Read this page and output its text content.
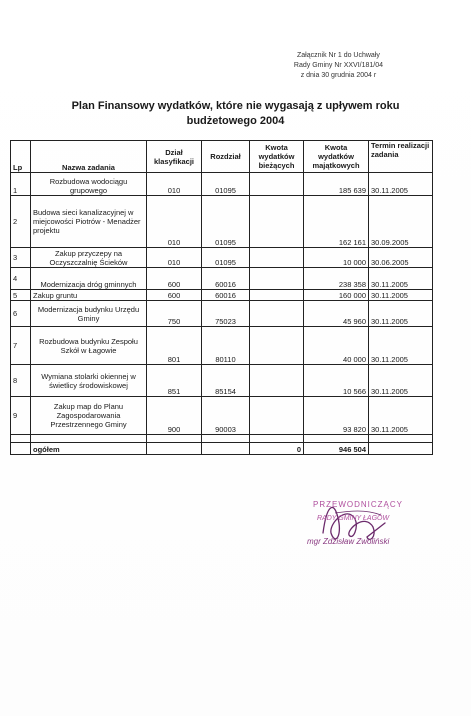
Załącznik Nr 1 do Uchwały
Rady Gminy Nr XXVI/181/04
z dnia 30 grudnia 2004 r
Plan Finansowy wydatków, które nie wygasają z upływem roku
budżetowego 2004
Lp	Nazwa zadania	Dział klasyfikacji	Rozdział	Kwota wydatków bieżących	Kwota wydatków majątkowych	Termin realizacji zadania
1	Rozbudowa wodociągu grupowego	010	01095		185 639	30.11.2005
2	Budowa sieci kanalizacyjnej w miejcowości Piotrów - Menadżer projektu	010	01095		162 161	30.09.2005
3	Zakup przyczepy na Oczyszczalnię Ścieków	010	01095		10 000	30.06.2005
4	Modernizacja dróg gminnych	600	60016		238 358	30.11.2005
5	Zakup gruntu	600	60016		160 000	30.11.2005
6	Modernizacja budynku Urzędu Gminy	750	75023		45 960	30.11.2005
7	Rozbudowa budynku Zespołu Szkół w Łagowie	801	80110		40 000	30.11.2005
8	Wymiana stolarki okiennej w świetlicy środowiskowej	851	85154		10 566	30.11.2005
9	Zakup map do Planu Zagospodarowania Przestrzennego Gminy	900	90003		93 820	30.11.2005

	ogółem			0	946 504	
PRZEWODNICZĄCY
RADY GMINY ŁAGÓW
mgr Zdzisław Zwoliński
